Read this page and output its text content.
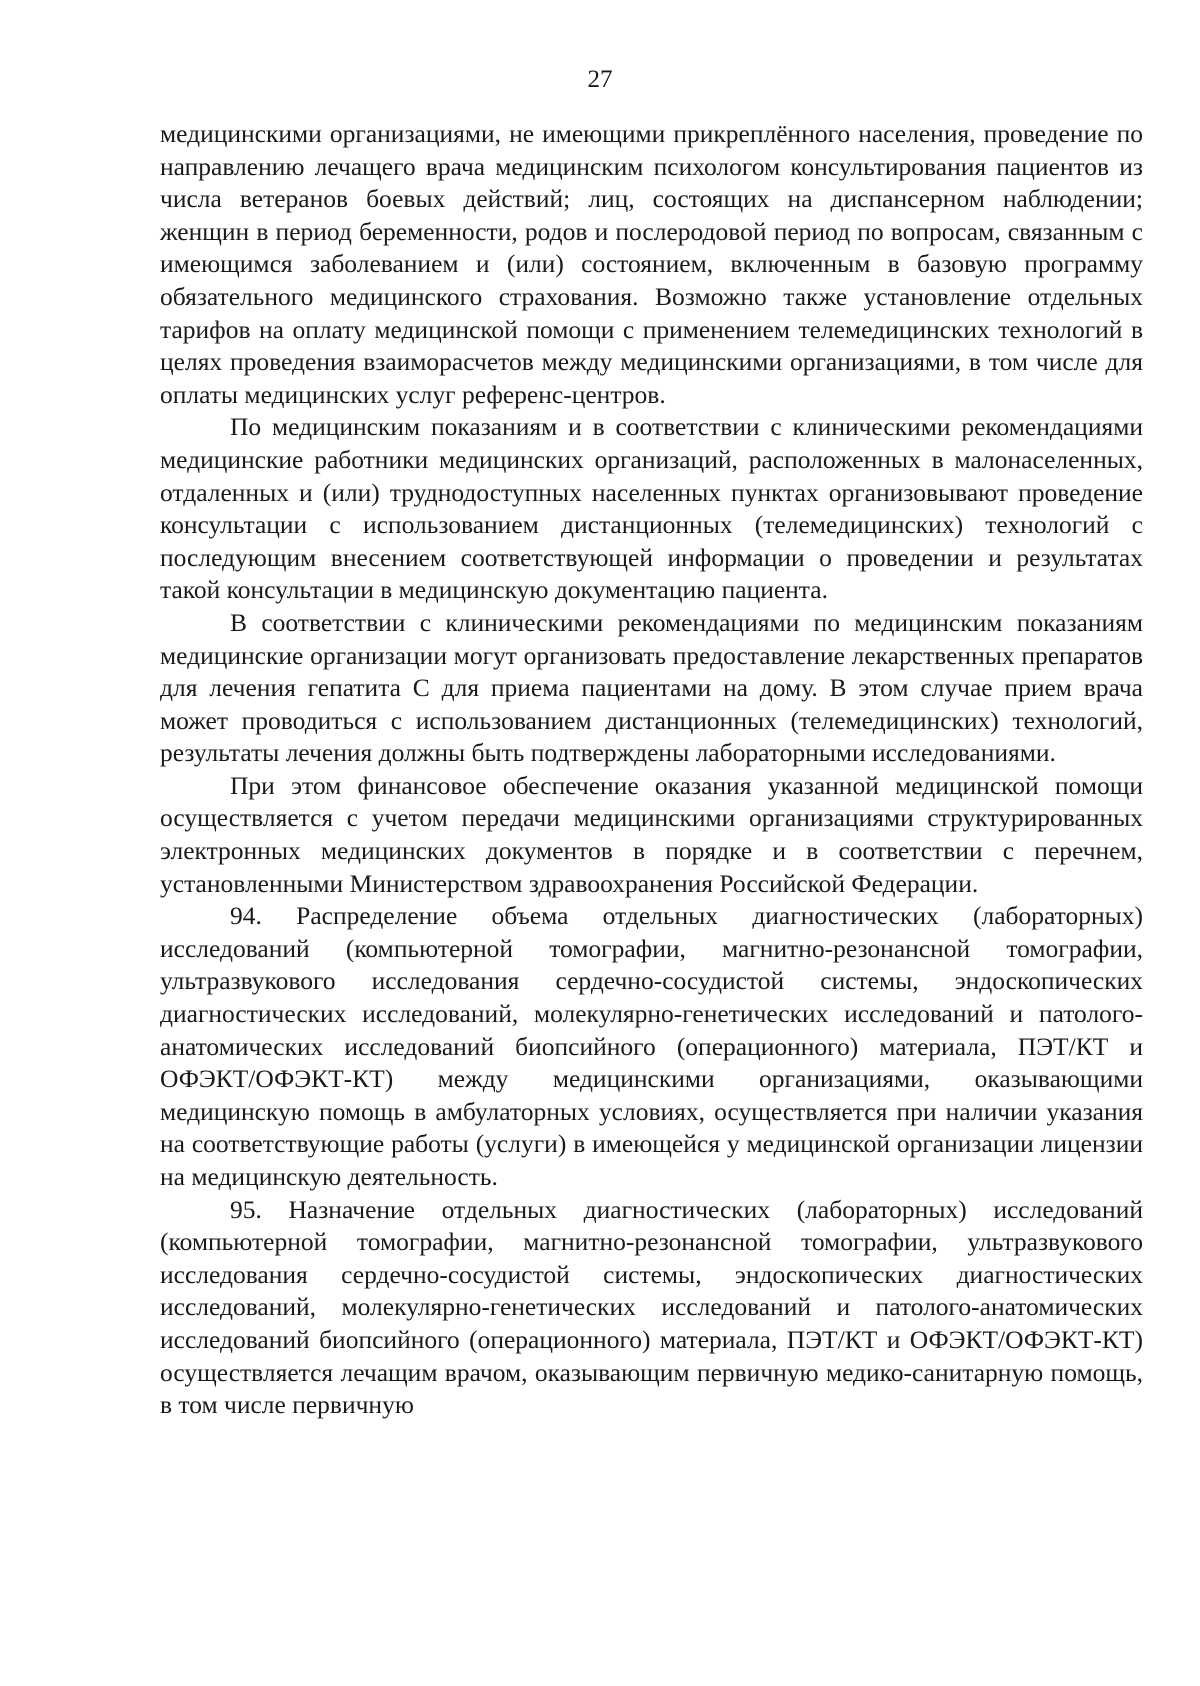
27

медицинскими организациями, не имеющими прикреплённого населения, проведение по направлению лечащего врача медицинским психологом консультирования пациентов из числа ветеранов боевых действий; лиц, состоящих на диспансерном наблюдении; женщин в период беременности, родов и послеродовой период по вопросам, связанным с имеющимся заболеванием и (или) состоянием, включенным в базовую программу обязательного медицинского страхования. Возможно также установление отдельных тарифов на оплату медицинской помощи с применением телемедицинских технологий в целях проведения взаиморасчетов между медицинскими организациями, в том числе для оплаты медицинских услуг референс-центров.

По медицинским показаниям и в соответствии с клиническими рекомендациями медицинские работники медицинских организаций, расположенных в малонаселенных, отдаленных и (или) труднодоступных населенных пунктах организовывают проведение консультации с использованием дистанционных (телемедицинских) технологий с последующим внесением соответствующей информации о проведении и результатах такой консультации в медицинскую документацию пациента.

В соответствии с клиническими рекомендациями по медицинским показаниям медицинские организации могут организовать предоставление лекарственных препаратов для лечения гепатита С для приема пациентами на дому. В этом случае прием врача может проводиться с использованием дистанционных (телемедицинских) технологий, результаты лечения должны быть подтверждены лабораторными исследованиями.

При этом финансовое обеспечение оказания указанной медицинской помощи осуществляется с учетом передачи медицинскими организациями структурированных электронных медицинских документов в порядке и в соответствии с перечнем, установленными Министерством здравоохранения Российской Федерации.

94. Распределение объема отдельных диагностических (лабораторных) исследований (компьютерной томографии, магнитно-резонансной томографии, ультразвукового исследования сердечно-сосудистой системы, эндоскопических диагностических исследований, молекулярно-генетических исследований и патолого-анатомических исследований биопсийного (операционного) материала, ПЭТ/КТ и ОФЭКТ/ОФЭКТ-КТ) между медицинскими организациями, оказывающими медицинскую помощь в амбулаторных условиях, осуществляется при наличии указания на соответствующие работы (услуги) в имеющейся у медицинской организации лицензии на медицинскую деятельность.

95. Назначение отдельных диагностических (лабораторных) исследований (компьютерной томографии, магнитно-резонансной томографии, ультразвукового исследования сердечно-сосудистой системы, эндоскопических диагностических исследований, молекулярно-генетических исследований и патолого-анатомических исследований биопсийного (операционного) материала, ПЭТ/КТ и ОФЭКТ/ОФЭКТ-КТ) осуществляется лечащим врачом, оказывающим первичную медико-санитарную помощь, в том числе первичную
